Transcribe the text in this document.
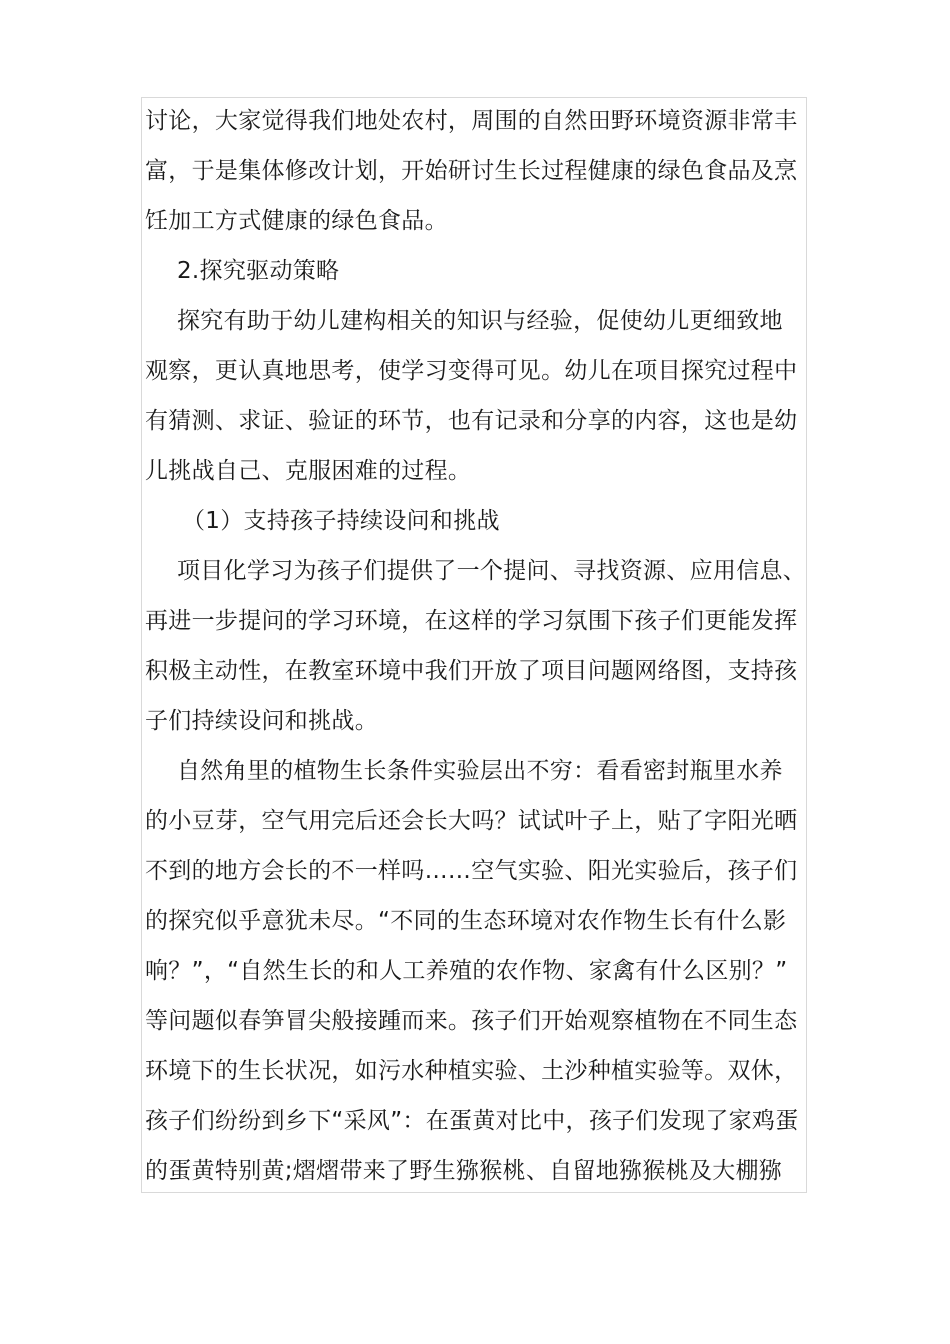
讨论，大家觉得我们地处农村，周围的自然田野环境资源非常丰
富，于是集体修改计划，开始研讨生长过程健康的绿色食品及烹
饪加工方式健康的绿色食品。
2.探究驱动策略
探究有助于幼儿建构相关的知识与经验，促使幼儿更细致地
观察，更认真地思考，使学习变得可见。幼儿在项目探究过程中
有猜测、求证、验证的环节，也有记录和分享的内容，这也是幼
儿挑战自己、克服困难的过程。
（1）支持孩子持续设问和挑战
项目化学习为孩子们提供了一个提问、寻找资源、应用信息、
再进一步提问的学习环境，在这样的学习氛围下孩子们更能发挥
积极主动性，在教室环境中我们开放了项目问题网络图，支持孩
子们持续设问和挑战。
自然角里的植物生长条件实验层出不穷：看看密封瓶里水养
的小豆芽，空气用完后还会长大吗？试试叶子上，贴了字阳光晒
不到的地方会长的不一样吗……空气实验、阳光实验后，孩子们
的探究似乎意犹未尽。“不同的生态环境对农作物生长有什么影
响？”，“自然生长的和人工养殖的农作物、家禽有什么区别？”
等问题似春笋冒尖般接踵而来。孩子们开始观察植物在不同生态
环境下的生长状况，如污水种植实验、土沙种植实验等。双休，
孩子们纷纷到乡下“采风”：在蛋黄对比中，孩子们发现了家鸡蛋
的蛋黄特别黄;熠熠带来了野生猕猴桃、自留地猕猴桃及大棚猕
